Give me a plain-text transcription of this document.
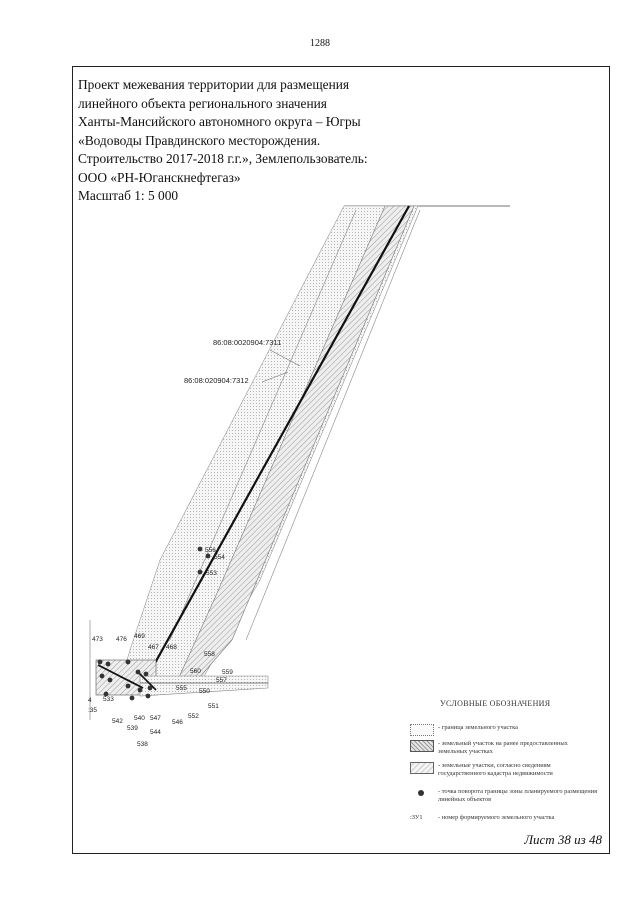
1288
Проект межевания территории для размещения
линейного объекта регионального значения
Ханты-Мансийского автономного округа – Югры
«Водоводы Правдинского месторождения.
Строительство 2017-2018 г.г.», Землепользователь:
ООО «РН-Юганскнефтегаз»
Масштаб 1: 5 000
86:08:0020904:7311
86:08:020904:7312
556
554
553
473 476 469
467 468
558
560	559
557
555 550
551
552
546
547
540
544
539
538
542
533
4
:35
УСЛОВНЫЕ ОБОЗНАЧЕНИЯ
- граница земельного участка
- земельный участок на ранее предоставленных земельных участках
- земельные участки, согласно сведениям государственного кадастра недвижимости
- точка поворота границы зоны планируемого размещения линейных объектов
:ЗУ1	- номер формируемого земельного участка
Лист 38 из 48
